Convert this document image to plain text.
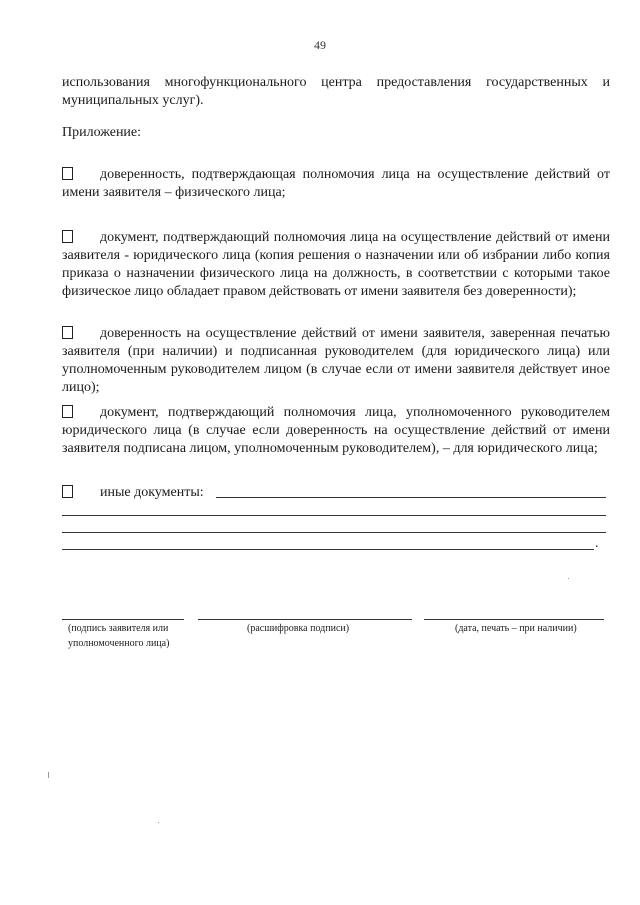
49
использования многофункционального центра предоставления государственных и
муниципальных услуг).
Приложение:
доверенность, подтверждающая полномочия лица на осуществление действий от имени заявителя – физического лица;
документ, подтверждающий полномочия лица на осуществление действий от имени заявителя - юридического лица (копия решения о назначении или об избрании либо копия приказа о назначении физического лица на должность, в соответствии с которыми такое физическое лицо обладает правом действовать от имени заявителя без доверенности);
доверенность на осуществление действий от имени заявителя, заверенная печатью заявителя (при наличии) и подписанная руководителем (для юридического лица) или уполномоченным руководителем лицом (в случае если от имени заявителя действует иное лицо);
документ, подтверждающий полномочия лица, уполномоченного руководителем юридического лица (в случае если доверенность на осуществление действий от имени заявителя подписана лицом, уполномоченным руководителем), – для юридического лица;
иные документы:
.
(подпись заявителя или
уполномоченного лица)
(расшифровка подписи)	(дата, печать – при наличии)
